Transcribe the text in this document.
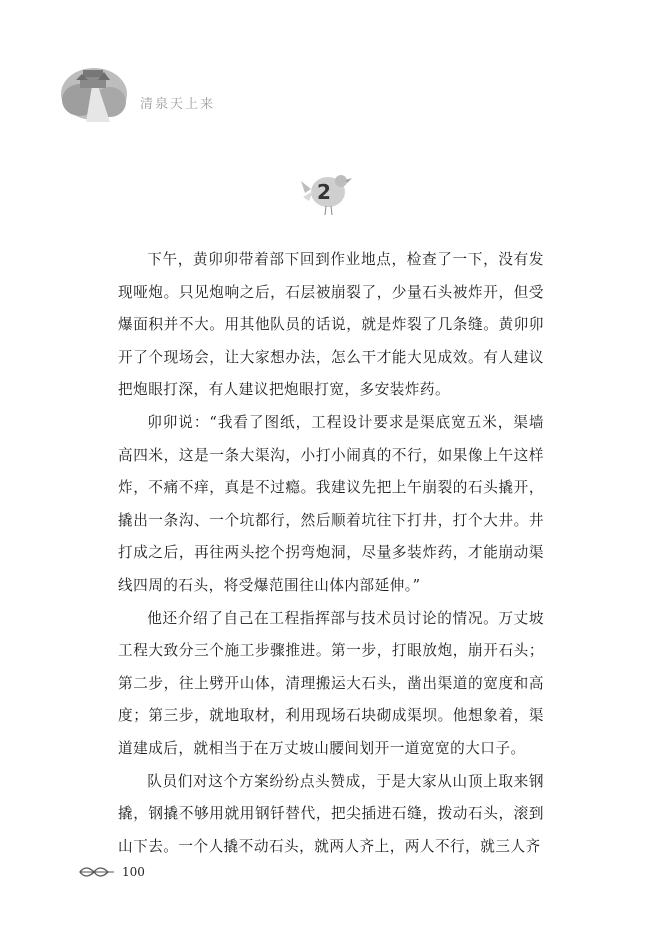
清泉天上来
2

下午，黄卯卯带着部下回到作业地点，检查了一下，没有发现哑炮。只见炮响之后，石层被崩裂了，少量石头被炸开，但受爆面积并不大。用其他队员的话说，就是炸裂了几条缝。黄卯卯开了个现场会，让大家想办法，怎么干才能大见成效。有人建议把炮眼打深，有人建议把炮眼打宽，多安装炸药。

卯卯说：“我看了图纸，工程设计要求是渠底宽五米，渠墙高四米，这是一条大渠沟，小打小闹真的不行，如果像上午这样炸，不痛不痒，真是不过瘾。我建议先把上午崩裂的石头撬开，撬出一条沟、一个坑都行，然后顺着坑往下打井，打个大井。井打成之后，再往两头挖个拐弯炮洞，尽量多装炸药，才能崩动渠线四周的石头，将受爆范围往山体内部延伸。”

他还介绍了自己在工程指挥部与技术员讨论的情况。万丈坡工程大致分三个施工步骤推进。第一步，打眼放炮，崩开石头；第二步，往上劈开山体，清理搬运大石头，凿出渠道的宽度和高度；第三步，就地取材，利用现场石块砌成渠坝。他想象着，渠道建成后，就相当于在万丈坡山腰间划开一道宽宽的大口子。

队员们对这个方案纷纷点头赞成，于是大家从山顶上取来钢撬，钢撬不够用就用钢钎替代，把尖插进石缝，拨动石头，滚到山下去。一个人撬不动石头，就两人齐上，两人不行，就三人齐

100
